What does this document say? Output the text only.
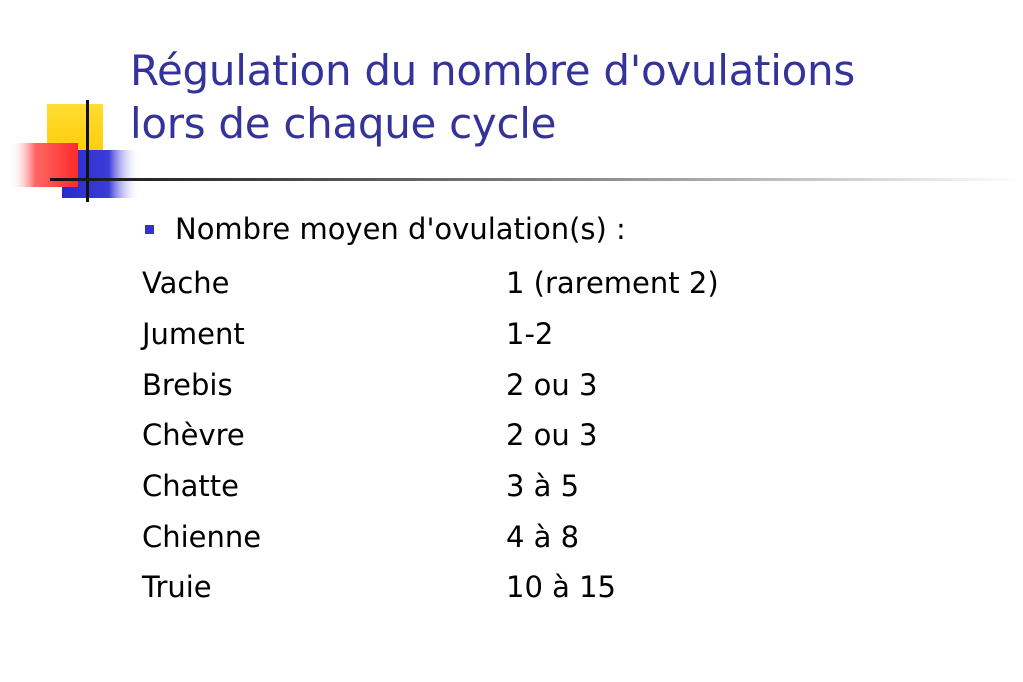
Régulation du nombre d'ovulations
lors de chaque cycle
Nombre moyen d'ovulation(s) :
Vache	1 (rarement 2)
Jument	1-2
Brebis	2 ou 3
Chèvre	2 ou 3
Chatte	3 à 5
Chienne	4 à 8
Truie	10 à 15
